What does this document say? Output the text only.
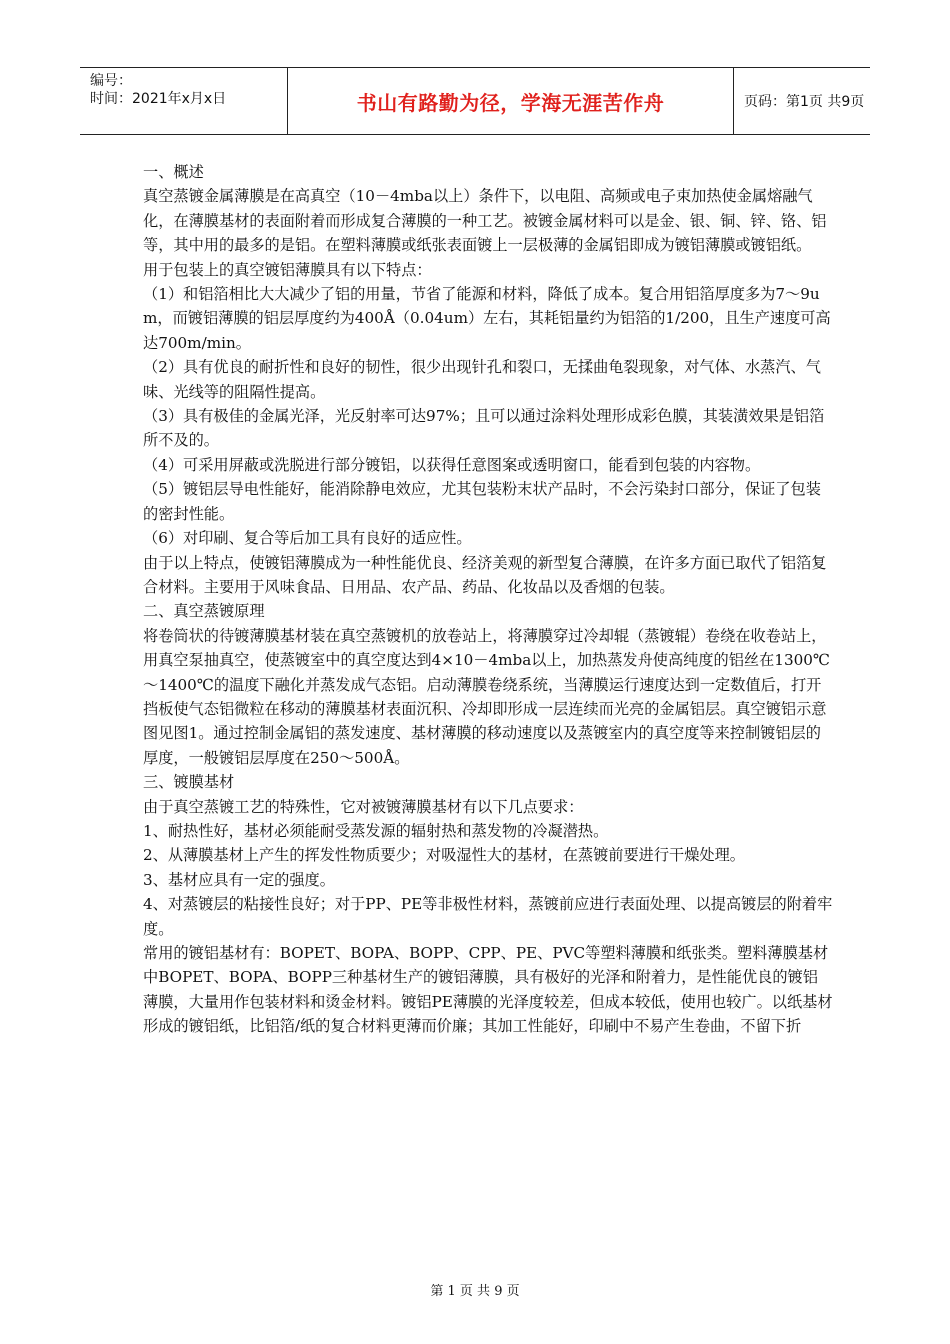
编号：
时间：2021年x月x日	书山有路勤为径，学海无涯苦作舟	页码：第1页 共9页

一、概述

真空蒸镀金属薄膜是在高真空（10－4mba以上）条件下，以电阻、高频或电子束加热使金属熔融气化，在薄膜基材的表面附着而形成复合薄膜的一种工艺。被镀金属材料可以是金、银、铜、锌、铬、铝等，其中用的最多的是铝。在塑料薄膜或纸张表面镀上一层极薄的金属铝即成为镀铝薄膜或镀铝纸。

用于包装上的真空镀铝薄膜具有以下特点：

（1）和铝箔相比大大减少了铝的用量，节省了能源和材料，降低了成本。复合用铝箔厚度多为7～9um，而镀铝薄膜的铝层厚度约为400Å（0.04um）左右，其耗铝量约为铝箔的1/200，且生产速度可高达700m/min。

（2）具有优良的耐折性和良好的韧性，很少出现针孔和裂口，无揉曲龟裂现象，对气体、水蒸汽、气味、光线等的阻隔性提高。

（3）具有极佳的金属光泽，光反射率可达97%；且可以通过涂料处理形成彩色膜，其装潢效果是铝箔所不及的。

（4）可采用屏蔽或洗脱进行部分镀铝，以获得任意图案或透明窗口，能看到包装的内容物。

（5）镀铝层导电性能好，能消除静电效应，尤其包装粉末状产品时，不会污染封口部分，保证了包装的密封性能。

（6）对印刷、复合等后加工具有良好的适应性。

由于以上特点，使镀铝薄膜成为一种性能优良、经济美观的新型复合薄膜，在许多方面已取代了铝箔复合材料。主要用于风味食品、日用品、农产品、药品、化妆品以及香烟的包装。

二、真空蒸镀原理

将卷筒状的待镀薄膜基材装在真空蒸镀机的放卷站上，将薄膜穿过冷却辊（蒸镀辊）卷绕在收卷站上，用真空泵抽真空，使蒸镀室中的真空度达到4×10－4mba以上，加热蒸发舟使高纯度的铝丝在1300℃～1400℃的温度下融化并蒸发成气态铝。启动薄膜卷绕系统，当薄膜运行速度达到一定数值后，打开挡板使气态铝微粒在移动的薄膜基材表面沉积、冷却即形成一层连续而光亮的金属铝层。真空镀铝示意图见图1。通过控制金属铝的蒸发速度、基材薄膜的移动速度以及蒸镀室内的真空度等来控制镀铝层的厚度，一般镀铝层厚度在250～500Å。

三、镀膜基材

由于真空蒸镀工艺的特殊性，它对被镀薄膜基材有以下几点要求：

1、耐热性好，基材必须能耐受蒸发源的辐射热和蒸发物的冷凝潜热。

2、从薄膜基材上产生的挥发性物质要少；对吸湿性大的基材，在蒸镀前要进行干燥处理。

3、基材应具有一定的强度。

4、对蒸镀层的粘接性良好；对于PP、PE等非极性材料，蒸镀前应进行表面处理、以提高镀层的附着牢度。

常用的镀铝基材有：BOPET、BOPA、BOPP、CPP、PE、PVC等塑料薄膜和纸张类。塑料薄膜基材中BOPET、BOPA、BOPP三种基材生产的镀铝薄膜，具有极好的光泽和附着力，是性能优良的镀铝薄膜，大量用作包装材料和烫金材料。镀铝PE薄膜的光泽度较差，但成本较低，使用也较广。以纸基材形成的镀铝纸，比铝箔/纸的复合材料更薄而价廉；其加工性能好，印刷中不易产生卷曲，不留下折

第 1 页 共 9 页
